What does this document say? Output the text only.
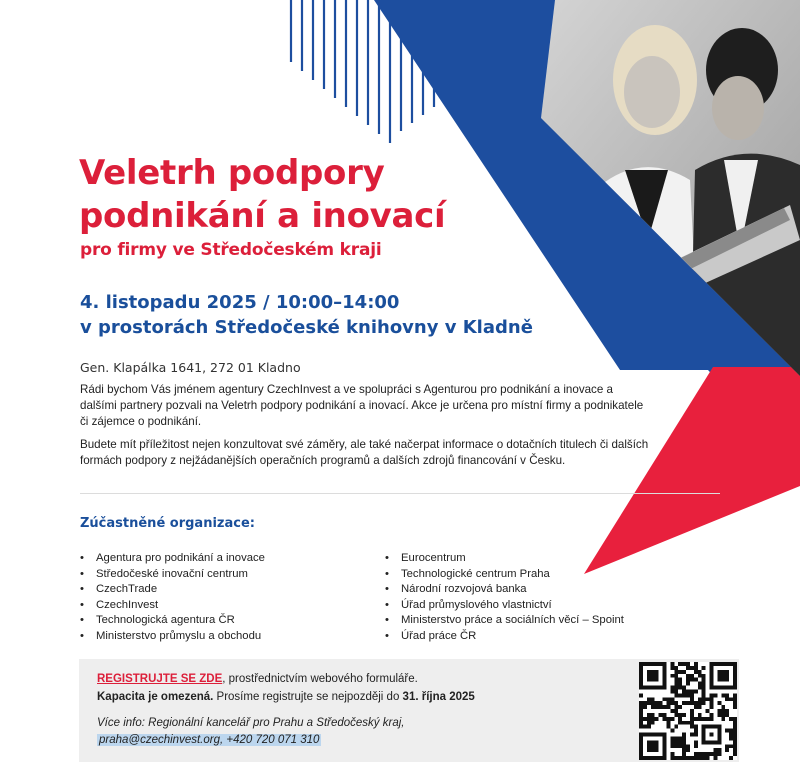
Veletrh podpory
podnikání a inovací
pro firmy ve Středočeském kraji
4. listopadu 2025 / 10:00–14:00
v prostorách Středočeské knihovny v Kladně
Gen. Klapálka 1641, 272 01 Kladno

Rádi bychom Vás jménem agentury CzechInvest a ve spolupráci s Agenturou pro podnikání a inovace a dalšími partnery pozvali na Veletrh podpory podnikání a inovací. Akce je určena pro místní firmy a podnikatele či zájemce o podnikání.

Budete mít příležitost nejen konzultovat své záměry, ale také načerpat informace o dotačních titulech či dalších formách podpory z nejžádanějších operačních programů a dalších zdrojů financování v Česku.

Zúčastněné organizace:
• Agentura pro podnikání a inovace
• Středočeské inovační centrum
• CzechTrade
• CzechInvest
• Technologická agentura ČR
• Ministerstvo průmyslu a obchodu
• Eurocentrum
• Technologické centrum Praha
• Národní rozvojová banka
• Úřad průmyslového vlastnictví
• Ministerstvo práce a sociálních věcí – Spoint
• Úřad práce ČR
REGISTRUJTE SE ZDE, prostřednictvím webového formuláře.
Kapacita je omezená. Prosíme registrujte se nejpozději do 31. října 2025
Více info: Regionální kancelář pro Prahu a Středočeský kraj,
praha@czechinvest.org, +420 720 071 310
